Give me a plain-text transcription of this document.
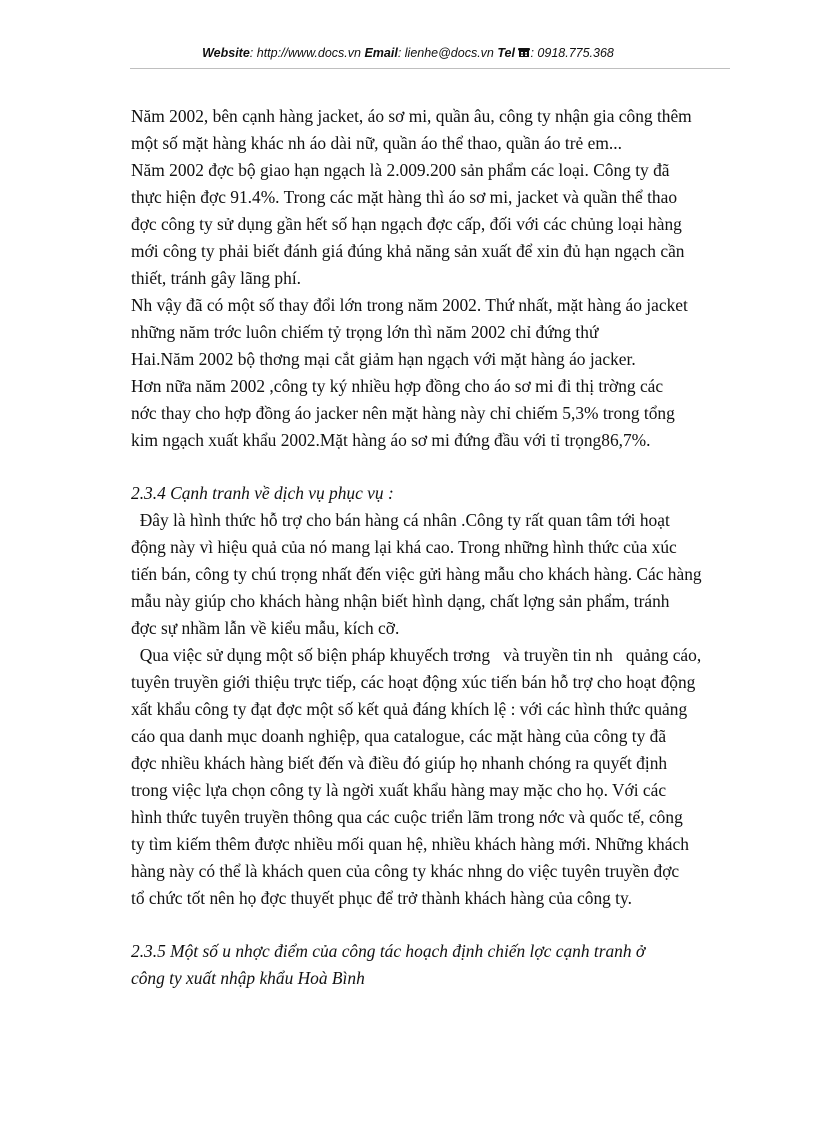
Website: http://www.docs.vn Email: lienhe@docs.vn Tel : 0918.775.368
Năm 2002, bên cạnh hàng jacket, áo sơ mi, quần âu, công ty nhận gia công thêm
một số mặt hàng khác nh áo dài nữ, quần áo thể thao, quần áo trẻ em...
Năm 2002 đợc bộ giao hạn ngạch là 2.009.200 sản phẩm các loại. Công ty đã
thực hiện đợc 91.4%. Trong các mặt hàng thì áo sơ mi, jacket và quần thể thao
đợc công ty sử dụng gần hết số hạn ngạch đợc cấp, đối với các chủng loại hàng
mới công ty phải biết đánh giá đúng khả năng sản xuất để xin đủ hạn ngạch cần
thiết, tránh gây lãng phí.
Nh vậy đã có một số thay đổi lớn trong năm 2002. Thứ nhất, mặt hàng áo jacket
những năm trớc luôn chiếm tỷ trọng lớn thì năm 2002 chỉ đứng thứ
Hai.Năm 2002 bộ thơng mại cắt giảm hạn ngạch với mặt hàng áo jacker.
Hơn nữa năm 2002 ,công ty ký nhiều hợp đồng cho áo sơ mi đi thị trờng các
nớc thay cho hợp đồng áo jacker nên mặt hàng này chỉ chiếm 5,3% trong tổng
kim ngạch xuất khẩu 2002.Mặt hàng áo sơ mi đứng đầu với tỉ trọng86,7%.
2.3.4 Cạnh tranh về dịch vụ phục vụ :
Đây là hình thức hỗ trợ cho bán hàng cá nhân .Công ty rất quan tâm tới hoạt
động này vì hiệu quả của nó mang lại khá cao. Trong những hình thức của xúc
tiến bán, công ty chú trọng nhất đến việc gửi hàng mẫu cho khách hàng. Các hàng
mẫu này giúp cho khách hàng nhận biết hình dạng, chất lợng sản phẩm, tránh
đợc sự nhầm lẫn về kiểu mẫu, kích cỡ.
Qua việc sử dụng một số biện pháp khuyếch trơng   và truyền tin nh   quảng cáo,
tuyên truyền giới thiệu trực tiếp, các hoạt động xúc tiến bán hỗ trợ cho hoạt động
xất khẩu công ty đạt đợc một số kết quả đáng khích lệ : với các hình thức quảng
cáo qua danh mục doanh nghiệp, qua catalogue, các mặt hàng của công ty đã
đợc nhiều khách hàng biết đến và điều đó giúp họ nhanh chóng ra quyết định
trong việc lựa chọn công ty là ngời xuất khẩu hàng may mặc cho họ. Với các
hình thức tuyên truyền thông qua các cuộc triển lãm trong nớc và quốc tế, công
ty tìm kiếm thêm được nhiều mối quan hệ, nhiều khách hàng mới. Những khách
hàng này có thể là khách quen của công ty khác nhng do việc tuyên truyền đợc
tổ chức tốt nên họ đợc thuyết phục để trở thành khách hàng của công ty.
2.3.5 Một số u nhợc điểm của công tác hoạch định chiến lợc cạnh tranh ở
công ty xuất nhập khẩu Hoà Bình
